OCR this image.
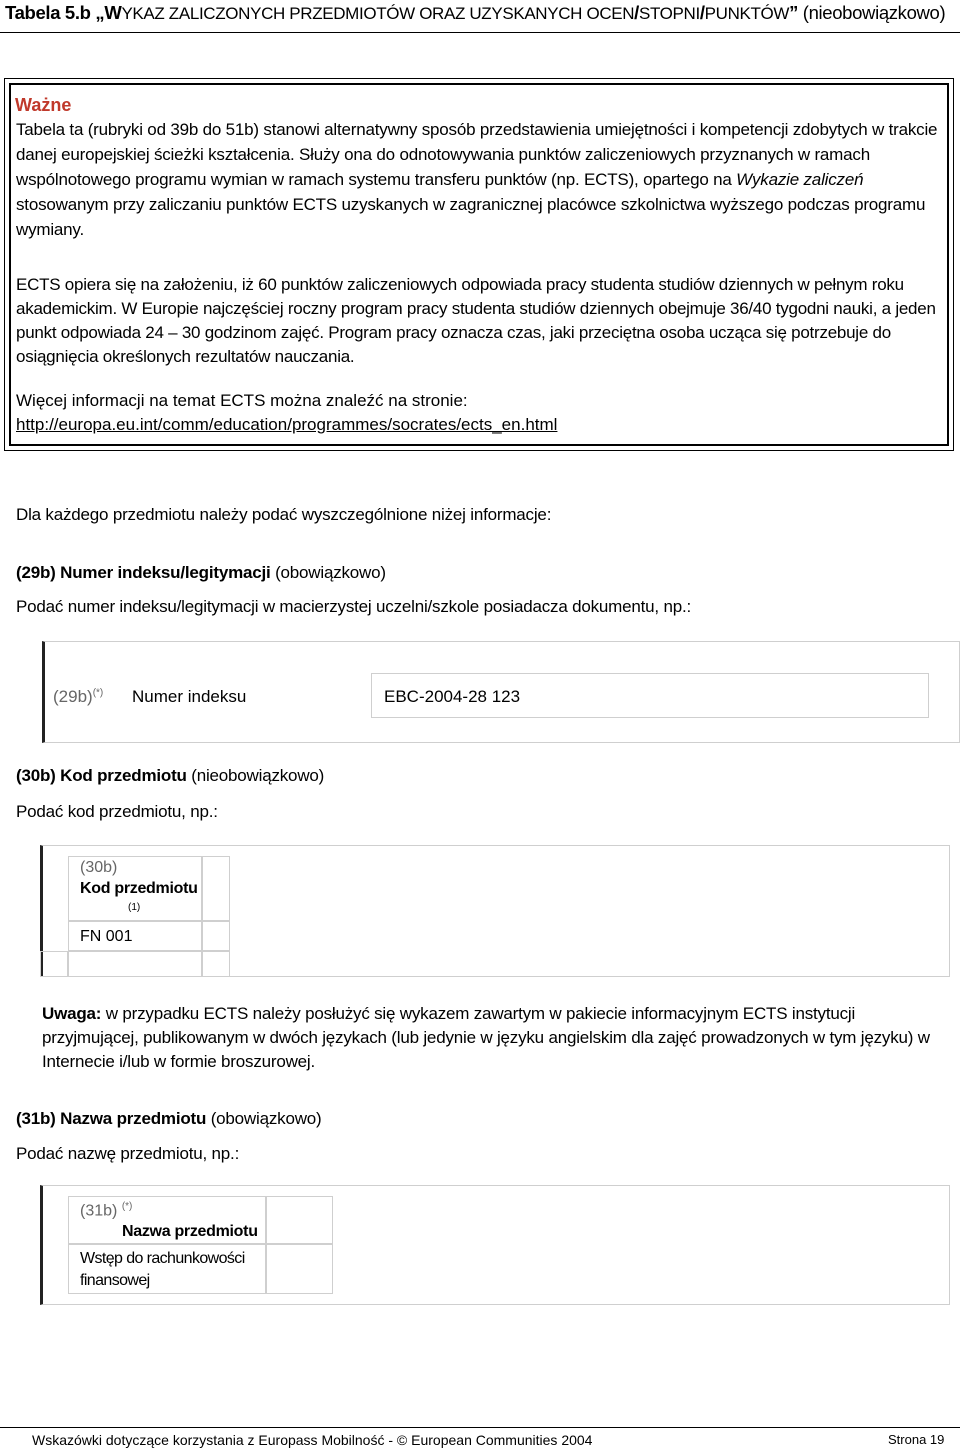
Tabela 5.b „WYKAZ ZALICZONYCH PRZEDMIOTÓW ORAZ UZYSKANYCH OCEN/STOPNI/PUNKTÓW” (nieobowiązkowo)
Ważne
Tabela ta (rubryki od 39b do 51b) stanowi alternatywny sposób przedstawienia umiejętności i kompetencji zdobytych w trakcie danej europejskiej ścieżki kształcenia. Służy ona do odnotowywania punktów zaliczeniowych przyznanych w ramach wspólnotowego programu wymian w ramach systemu transferu punktów (np. ECTS), opartego na Wykazie zaliczeń stosowanym przy zaliczaniu punktów ECTS uzyskanych w zagranicznej placówce szkolnictwa wyższego podczas programu wymiany.
ECTS opiera się na założeniu, iż 60 punktów zaliczeniowych odpowiada pracy studenta studiów dziennych w pełnym roku akademickim. W Europie najczęściej roczny program pracy studenta studiów dziennych obejmuje 36/40 tygodni nauki, a jeden punkt odpowiada 24 – 30 godzinom zajęć. Program pracy oznacza czas, jaki przeciętna osoba ucząca się potrzebuje do osiągnięcia określonych rezultatów nauczania.
Więcej informacji na temat ECTS można znaleźć na stronie:
http://europa.eu.int/comm/education/programmes/socrates/ects_en.html
Dla każdego przedmiotu należy podać wyszczególnione niżej informacje:
(29b) Numer indeksu/legitymacji (obowiązkowo)
Podać numer indeksu/legitymacji w macierzystej uczelni/szkole posiadacza dokumentu, np.:
(29b)(*) Numer indeksu	EBC-2004-28 123
(30b) Kod przedmiotu (nieobowiązkowo)
Podać kod przedmiotu, np.:
(30b)
Kod przedmiotu
(1)
FN 001
Uwaga: w przypadku ECTS należy posłużyć się wykazem zawartym w pakiecie informacyjnym ECTS instytucji przyjmującej, publikowanym w dwóch językach (lub jedynie w języku angielskim dla zajęć prowadzonych w tym języku) w Internecie i/lub w formie broszurowej.
(31b) Nazwa przedmiotu (obowiązkowo)
Podać nazwę przedmiotu, np.:
(31b) (*)
Nazwa przedmiotu
Wstęp do rachunkowości finansowej
Wskazówki dotyczące korzystania z Europass Mobilność - © European Communities 2004	Strona 19
